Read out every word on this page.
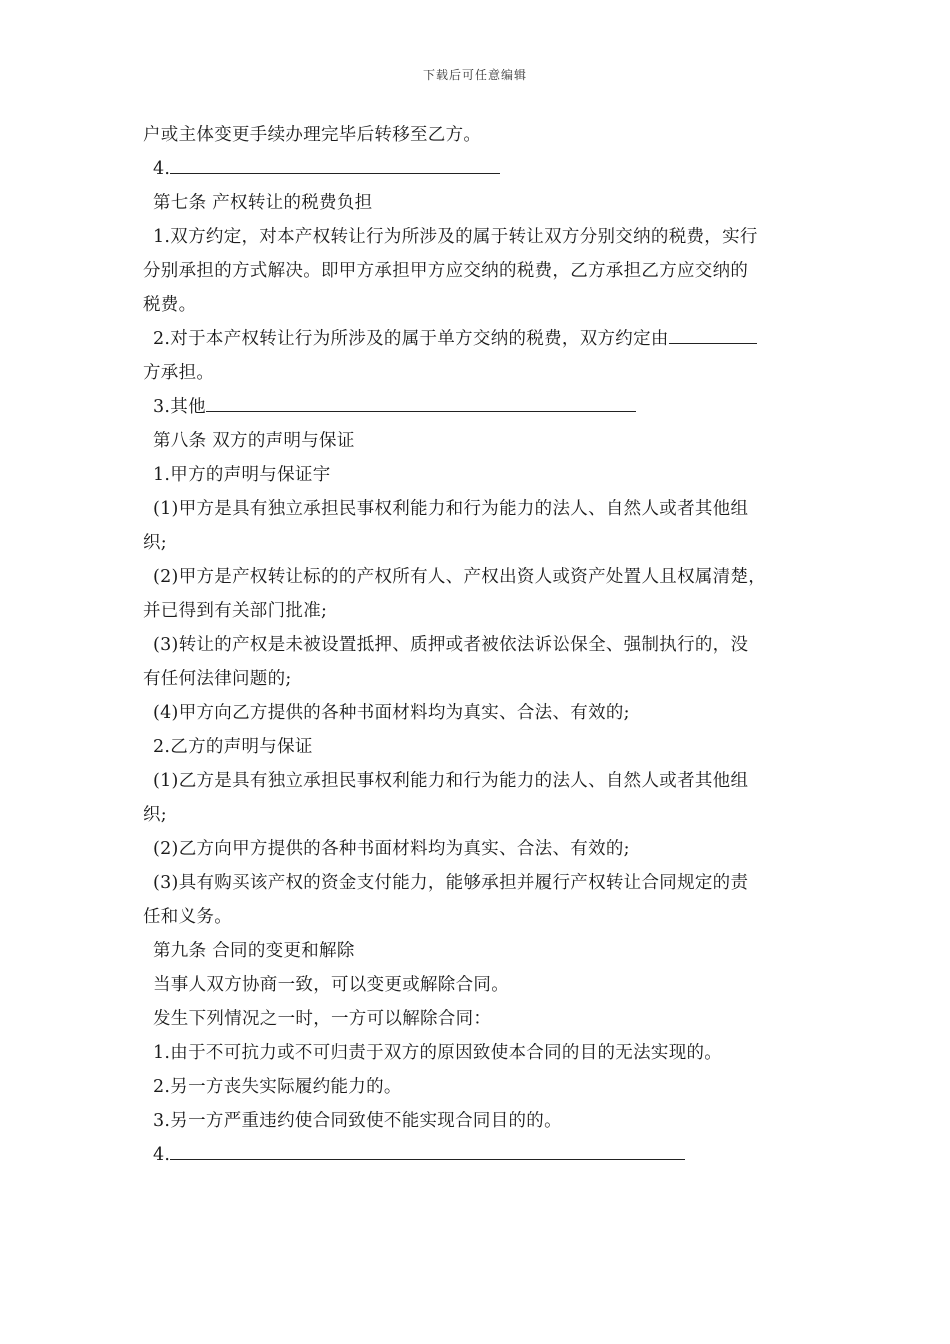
下载后可任意编辑
户或主体变更手续办理完毕后转移至乙方。
4.
第七条 产权转让的税费负担
1.双方约定，对本产权转让行为所涉及的属于转让双方分别交纳的税费，实行
分别承担的方式解决。即甲方承担甲方应交纳的税费，乙方承担乙方应交纳的
税费。
2.对于本产权转让行为所涉及的属于单方交纳的税费，双方约定由
方承担。
3.其他
第八条 双方的声明与保证
1.甲方的声明与保证宇
(1)甲方是具有独立承担民事权利能力和行为能力的法人、自然人或者其他组
织;
(2)甲方是产权转让标的的产权所有人、产权出资人或资产处置人且权属清楚，
并已得到有关部门批准;
(3)转让的产权是未被设置抵押、质押或者被依法诉讼保全、强制执行的，没
有任何法律问题的;
(4)甲方向乙方提供的各种书面材料均为真实、合法、有效的;
2.乙方的声明与保证
(1)乙方是具有独立承担民事权利能力和行为能力的法人、自然人或者其他组
织;
(2)乙方向甲方提供的各种书面材料均为真实、合法、有效的;
(3)具有购买该产权的资金支付能力，能够承担并履行产权转让合同规定的责
任和义务。
第九条 合同的变更和解除
当事人双方协商一致，可以变更或解除合同。
发生下列情况之一时，一方可以解除合同：
1.由于不可抗力或不可归责于双方的原因致使本合同的目的无法实现的。
2.另一方丧失实际履约能力的。
3.另一方严重违约使合同致使不能实现合同目的的。
4.
